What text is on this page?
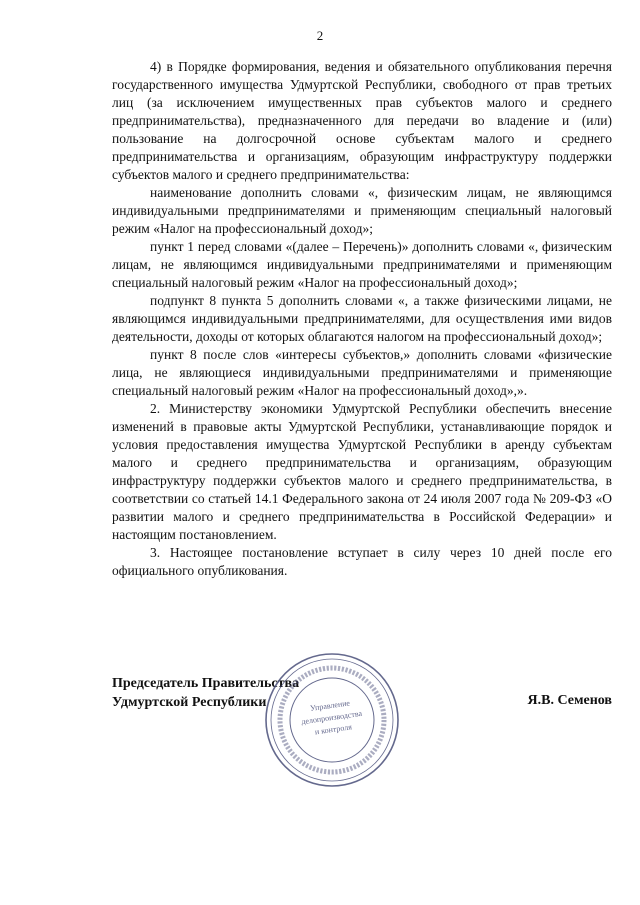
2

4) в Порядке формирования, ведения и обязательного опубликования перечня государственного имущества Удмуртской Республики, свободного от прав третьих лиц (за исключением имущественных прав субъектов малого и среднего предпринимательства), предназначенного для передачи во владение и (или) пользование на долгосрочной основе субъектам малого и среднего предпринимательства и организациям, образующим инфраструктуру поддержки субъектов малого и среднего предпринимательства:

наименование дополнить словами «, физическим лицам, не являющимся индивидуальными предпринимателями и применяющим специальный налоговый режим «Налог на профессиональный доход»;

пункт 1 перед словами «(далее – Перечень)» дополнить словами «, физическим лицам, не являющимся индивидуальными предпринимателями и применяющим специальный налоговый режим «Налог на профессиональный доход»;

подпункт 8 пункта 5 дополнить словами «, а также физическими лицами, не являющимся индивидуальными предпринимателями, для осуществления ими видов деятельности, доходы от которых облагаются налогом на профессиональный доход»;

пункт 8 после слов «интересы субъектов,» дополнить словами «физические лица, не являющиеся индивидуальными предпринимателями и применяющие специальный налоговый режим «Налог на профессиональный доход»,».

2. Министерству экономики Удмуртской Республики обеспечить внесение изменений в правовые акты Удмуртской Республики, устанавливающие порядок и условия предоставления имущества Удмуртской Республики в аренду субъектам малого и среднего предпринимательства и организациям, образующим инфраструктуру поддержки субъектов малого и среднего предпринимательства, в соответствии со статьей 14.1 Федерального закона от 24 июля 2007 года № 209-ФЗ «О развитии малого и среднего предпринимательства в Российской Федерации» и настоящим постановлением.

3. Настоящее постановление вступает в силу через 10 дней после его официального опубликования.

Председатель Правительства
Удмуртской Республики	Управление
делопроизводства
и контроля
Я.В. Семенов
